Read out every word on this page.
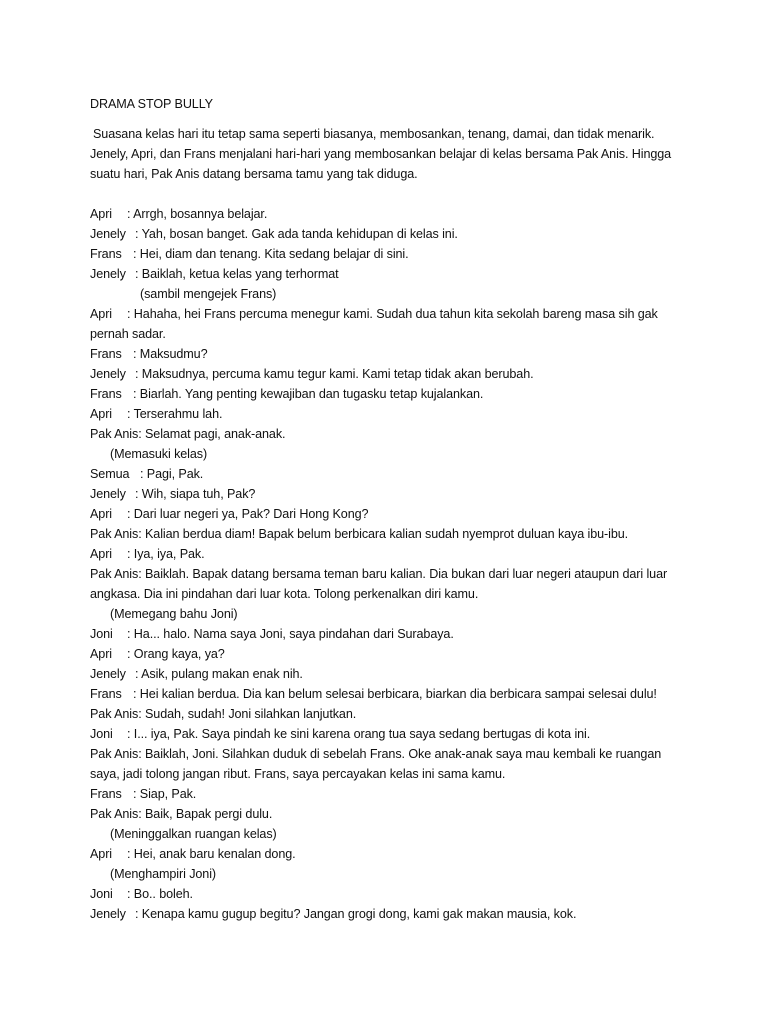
DRAMA STOP BULLY
Suasana kelas hari itu tetap sama seperti biasanya, membosankan, tenang, damai, dan tidak menarik. Jenely, Apri, dan Frans menjalani hari-hari yang membosankan belajar di kelas bersama Pak Anis. Hingga suatu hari, Pak Anis datang bersama tamu yang tak diduga.
Apri : Arrgh, bosannya belajar.
Jenely : Yah, bosan banget. Gak ada tanda kehidupan di kelas ini.
Frans : Hei, diam dan tenang. Kita sedang belajar di sini.
Jenely : Baiklah, ketua kelas yang terhormat
(sambil mengejek Frans)
Apri	: Hahaha, hei Frans percuma menegur kami. Sudah dua tahun kita sekolah bareng masa sih gak pernah sadar.
Frans : Maksudmu?
Jenely : Maksudnya, percuma kamu tegur kami. Kami tetap tidak akan berubah.
Frans : Biarlah. Yang penting kewajiban dan tugasku tetap kujalankan.
Apri : Terserahmu lah.
Pak Anis: Selamat pagi, anak-anak.
(Memasuki kelas)
Semua : Pagi, Pak.
Jenely : Wih, siapa tuh, Pak?
Apri : Dari luar negeri ya, Pak? Dari Hong Kong?
Pak Anis: Kalian berdua diam! Bapak belum berbicara kalian sudah nyemprot duluan kaya ibu-ibu.
Apri : Iya, iya, Pak.
Pak Anis: Baiklah. Bapak datang bersama teman baru kalian. Dia bukan dari luar negeri ataupun dari luar angkasa. Dia ini pindahan dari luar kota. Tolong perkenalkan diri kamu.
(Memegang bahu Joni)
Joni : Ha... halo. Nama saya Joni, saya pindahan dari Surabaya.
Apri : Orang kaya, ya?
Jenely : Asik, pulang makan enak nih.
Frans : Hei kalian berdua. Dia kan belum selesai berbicara, biarkan dia berbicara sampai selesai dulu!
Pak Anis: Sudah, sudah! Joni silahkan lanjutkan.
Joni : I... iya, Pak. Saya pindah ke sini karena orang tua saya sedang bertugas di kota ini.
Pak Anis: Baiklah, Joni. Silahkan duduk di sebelah Frans. Oke anak-anak saya mau kembali ke ruangan saya, jadi tolong jangan ribut. Frans, saya percayakan kelas ini sama kamu.
Frans : Siap, Pak.
Pak Anis: Baik, Bapak pergi dulu.
(Meninggalkan ruangan kelas)
Apri : Hei, anak baru kenalan dong.
(Menghampiri Joni)
Joni : Bo.. boleh.
Jenely : Kenapa kamu gugup begitu? Jangan grogi dong, kami gak makan mausia, kok.
